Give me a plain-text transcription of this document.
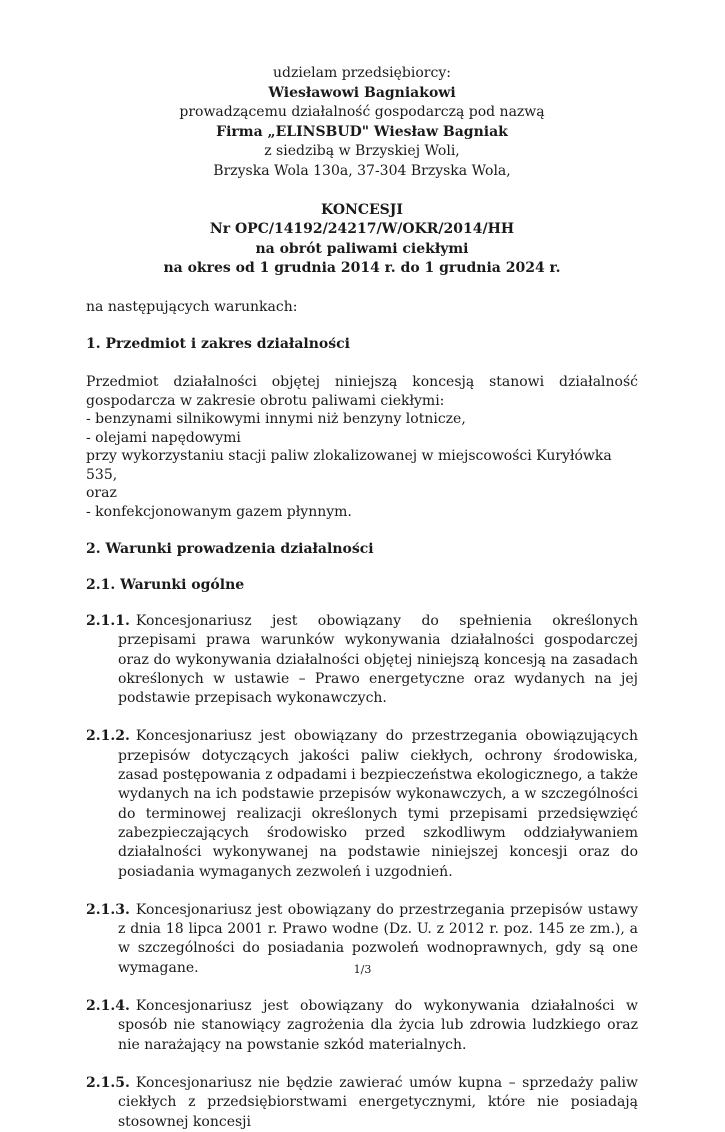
udzielam przedsiębiorcy:
Wiesławowi Bagniakowi
prowadzącemu działalność gospodarczą pod nazwą
Firma „ELINSBUD" Wiesław Bagniak
z siedzibą w Brzyskiej Woli,
Brzyska Wola 130a, 37-304 Brzyska Wola,
KONCESJI
Nr OPC/14192/24217/W/OKR/2014/HH
na obrót paliwami ciekłymi
na okres od 1 grudnia 2014 r. do 1 grudnia 2024 r.

na następujących warunkach:

1. Przedmiot i zakres działalności

Przedmiot działalności objętej niniejszą koncesją stanowi działalność gospodarcza w zakresie obrotu paliwami ciekłymi:

- benzynami silnikowymi innymi niż benzyny lotnicze,

- olejami napędowymi

przy wykorzystaniu stacji paliw zlokalizowanej w miejscowości Kuryłówka 535,

oraz

- konfekcjonowanym gazem płynnym.

2. Warunki prowadzenia działalności
2.1. Warunki ogólne
2.1.1. Koncesjonariusz jest obowiązany do spełnienia określonych przepisami prawa warunków wykonywania działalności gospodarczej oraz do wykonywania działalności objętej niniejszą koncesją na zasadach określonych w ustawie – Prawo energetyczne oraz wydanych na jej podstawie przepisach wykonawczych.
2.1.2. Koncesjonariusz jest obowiązany do przestrzegania obowiązujących przepisów dotyczących jakości paliw ciekłych, ochrony środowiska, zasad postępowania z odpadami i bezpieczeństwa ekologicznego, a także wydanych na ich podstawie przepisów wykonawczych, a w szczególności do terminowej realizacji określonych tymi przepisami przedsięwzięć zabezpieczających środowisko przed szkodliwym oddziaływaniem działalności wykonywanej na podstawie niniejszej koncesji oraz do posiadania wymaganych zezwoleń i uzgodnień.
2.1.3. Koncesjonariusz jest obowiązany do przestrzegania przepisów ustawy z dnia 18 lipca 2001 r. Prawo wodne (Dz. U. z 2012 r. poz. 145 ze zm.), a w szczególności do posiadania pozwoleń wodnoprawnych, gdy są one wymagane.
2.1.4. Koncesjonariusz jest obowiązany do wykonywania działalności w sposób nie stanowiący zagrożenia dla życia lub zdrowia ludzkiego oraz nie narażający na powstanie szkód materialnych.
2.1.5. Koncesjonariusz nie będzie zawierać umów kupna – sprzedaży paliw ciekłych z przedsiębiorstwami energetycznymi, które nie posiadają stosownej koncesji
1/3
